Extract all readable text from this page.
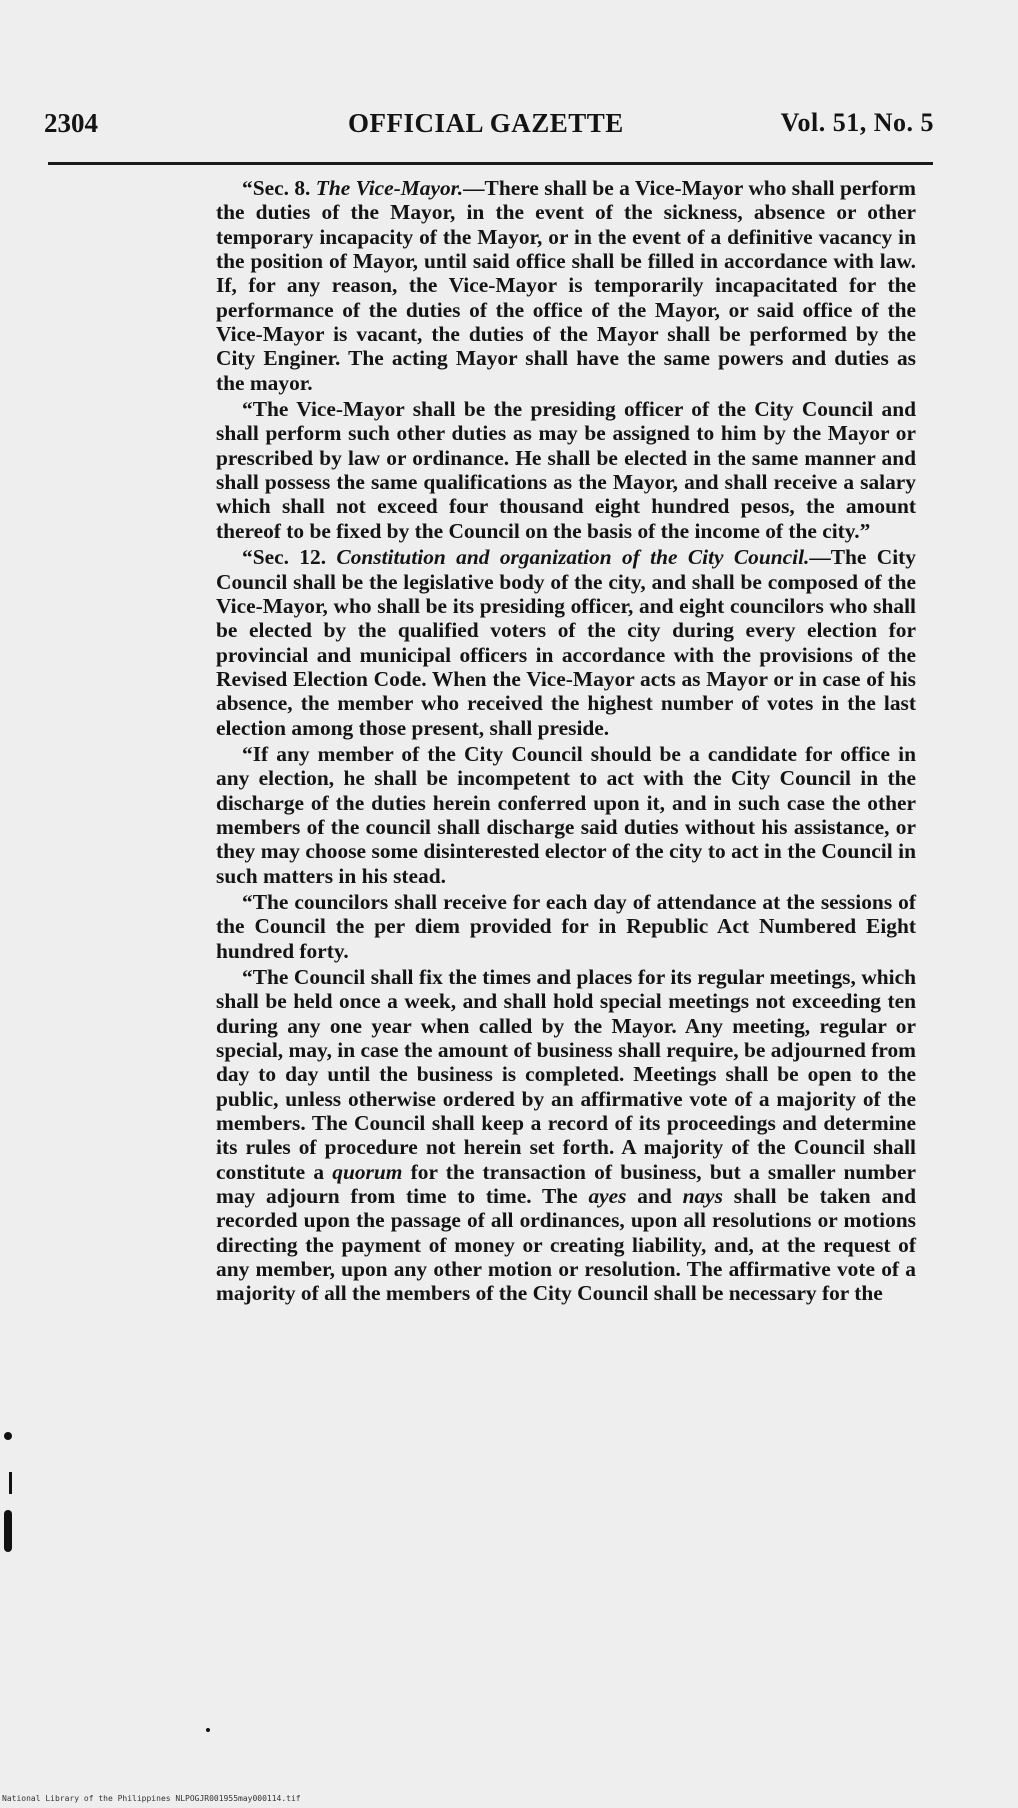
2304	OFFICIAL GAZETTE	Vol. 51, No. 5

“Sec. 8. The Vice-Mayor.—There shall be a Vice-Mayor who shall perform the duties of the Mayor, in the event of the sickness, absence or other temporary incapacity of the Mayor, or in the event of a definitive vacancy in the position of Mayor, until said office shall be filled in accordance with law. If, for any reason, the Vice-Mayor is temporarily incapacitated for the performance of the duties of the office of the Mayor, or said office of the Vice-Mayor is vacant, the duties of the Mayor shall be performed by the City Enginer. The acting Mayor shall have the same powers and duties as the mayor.

“The Vice-Mayor shall be the presiding officer of the City Council and shall perform such other duties as may be assigned to him by the Mayor or prescribed by law or ordinance. He shall be elected in the same manner and shall possess the same qualifications as the Mayor, and shall receive a salary which shall not exceed four thousand eight hundred pesos, the amount thereof to be fixed by the Council on the basis of the income of the city.”

“Sec. 12. Constitution and organization of the City Council.—The City Council shall be the legislative body of the city, and shall be composed of the Vice-Mayor, who shall be its presiding officer, and eight councilors who shall be elected by the qualified voters of the city during every election for provincial and municipal officers in accordance with the provisions of the Revised Election Code. When the Vice-Mayor acts as Mayor or in case of his absence, the member who received the highest number of votes in the last election among those present, shall preside.

“If any member of the City Council should be a candidate for office in any election, he shall be incompetent to act with the City Council in the discharge of the duties herein conferred upon it, and in such case the other members of the council shall discharge said duties without his assistance, or they may choose some disinterested elector of the city to act in the Council in such matters in his stead.

“The councilors shall receive for each day of attendance at the sessions of the Council the per diem provided for in Republic Act Numbered Eight hundred forty.

“The Council shall fix the times and places for its regular meetings, which shall be held once a week, and shall hold special meetings not exceeding ten during any one year when called by the Mayor. Any meeting, regular or special, may, in case the amount of business shall require, be adjourned from day to day until the business is completed. Meetings shall be open to the public, unless otherwise ordered by an affirmative vote of a majority of the members. The Council shall keep a record of its proceedings and determine its rules of procedure not herein set forth. A majority of the Council shall constitute a quorum for the transaction of business, but a smaller number may adjourn from time to time. The ayes and nays shall be taken and recorded upon the passage of all ordinances, upon all resolutions or motions directing the payment of money or creating liability, and, at the request of any member, upon any other motion or resolution. The affirmative vote of a majority of all the members of the City Council shall be necessary for the

National Library of the Philippines NLPOGJR001955may000114.tif
